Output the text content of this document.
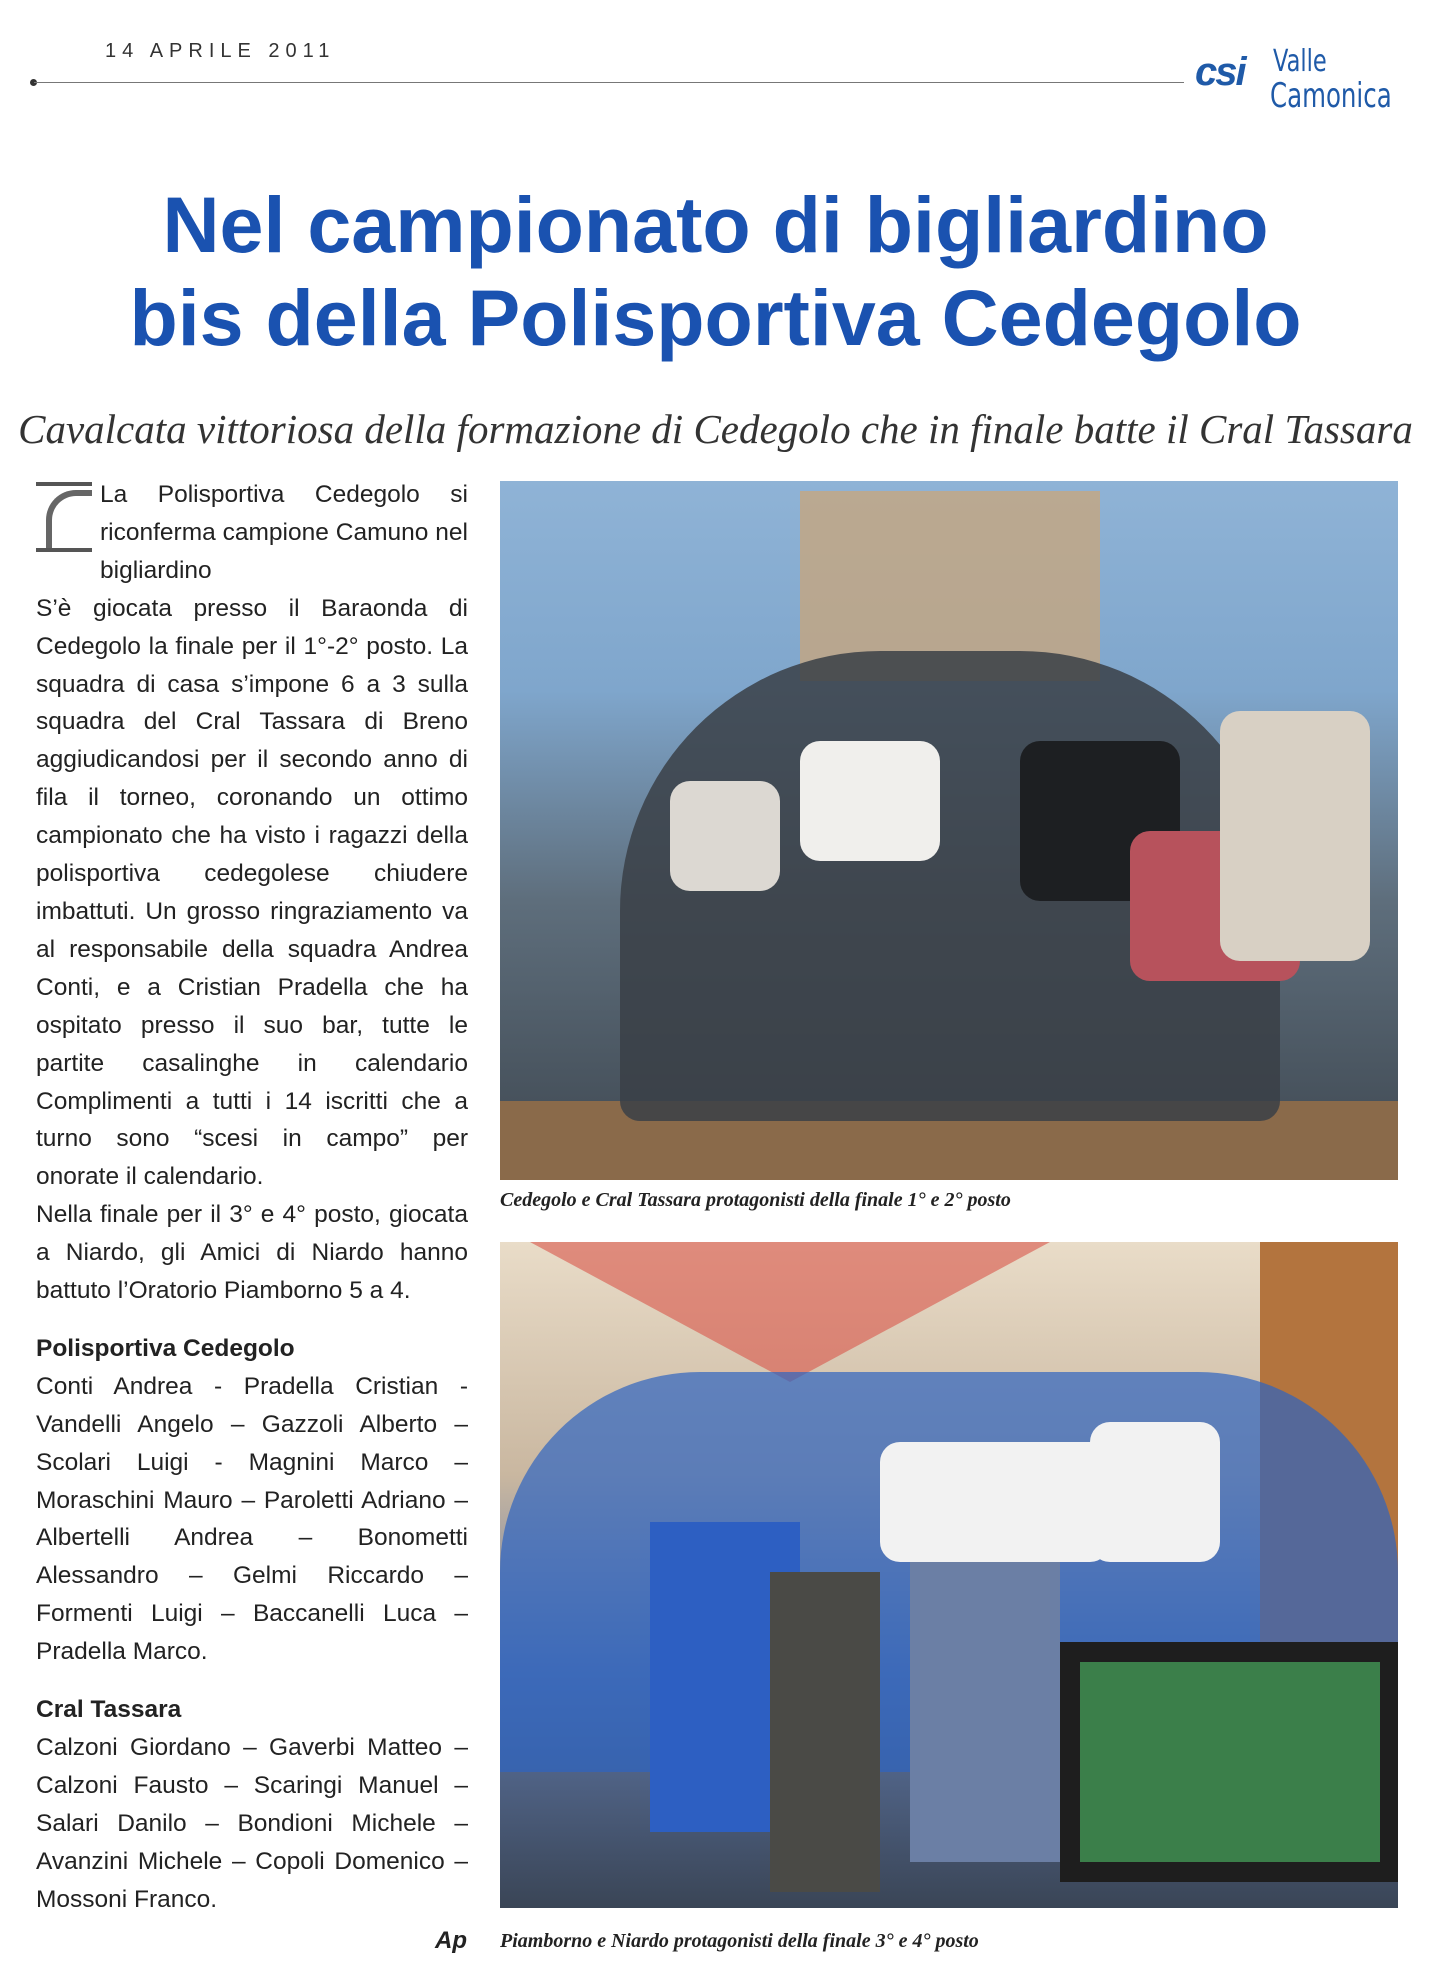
14 APRILE 2011	csi Valle
Camonica
Nel campionato di bigliardino
bis della Polisportiva Cedegolo
Cavalcata vittoriosa della formazione di Cedegolo che in finale batte il Cral Tassara

La Polisportiva Cedegolo si riconferma campione Camuno nel bigliardino

S’è giocata presso il Baraonda di Cedegolo la finale per il 1°-2° posto. La squadra di casa s’impone 6 a 3 sulla squadra del Cral Tassara di Breno aggiudicandosi per il secondo anno di fila il torneo, coronando un ottimo campionato che ha visto i ragazzi della polisportiva cedegolese chiudere imbattuti. Un grosso ringraziamento va al responsabile della squadra Andrea Conti, e a Cristian Pradella che ha ospitato presso il suo bar, tutte le partite casalinghe in calendario Complimenti a tutti i 14 iscritti che a turno sono “scesi in campo” per onorate il calendario.

Nella finale per il 3° e 4° posto, giocata a Niardo, gli Amici di Niardo hanno battuto l’Oratorio Piamborno 5 a 4.

Polisportiva Cedegolo

Conti Andrea - Pradella Cristian - Vandelli Angelo – Gazzoli Alberto – Scolari Luigi - Magnini Marco – Moraschini Mauro – Paroletti Adriano –Albertelli Andrea – Bonometti Alessandro – Gelmi Riccardo – Formenti Luigi – Baccanelli Luca – Pradella Marco.

Cral Tassara

Calzoni Giordano – Gaverbi Matteo – Calzoni Fausto – Scaringi Manuel – Salari Danilo – Bondioni Michele – Avanzini Michele – Copoli Domenico – Mossoni Franco.

Ap
Cedegolo e Cral Tassara protagonisti della finale 1° e 2° posto
Piamborno e Niardo protagonisti della finale 3° e 4° posto
